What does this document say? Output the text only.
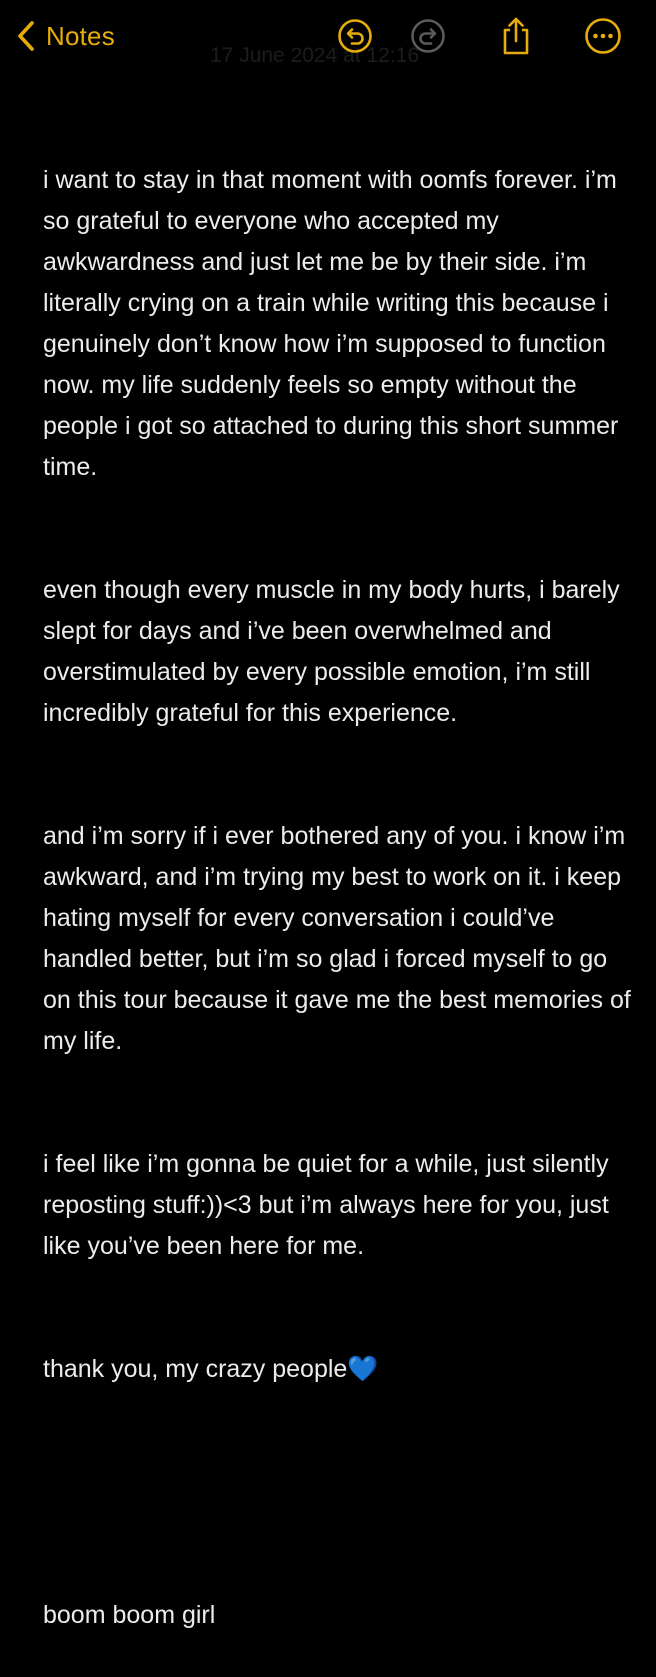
Notes
17 June 2024 at 12:16

i want to stay in that moment with oomfs forever. i’m so grateful to everyone who accepted my awkwardness and just let me be by their side. i’m literally crying on a train while writing this because i genuinely don’t know how i’m supposed to function now. my life suddenly feels so empty without the people i got so attached to during this short summer time.

even though every muscle in my body hurts, i barely slept for days and i’ve been overwhelmed and overstimulated by every possible emotion, i’m still incredibly grateful for this experience.

and i’m sorry if i ever bothered any of you. i know i’m awkward, and i’m trying my best to work on it. i keep hating myself for every conversation i could’ve handled better, but i’m so glad i forced myself to go on this tour because it gave me the best memories of my life.

i feel like i’m gonna be quiet for a while, just silently reposting stuff:))<3 but i’m always here for you, just like you’ve been here for me.

thank you, my crazy people💙

boom boom girl
